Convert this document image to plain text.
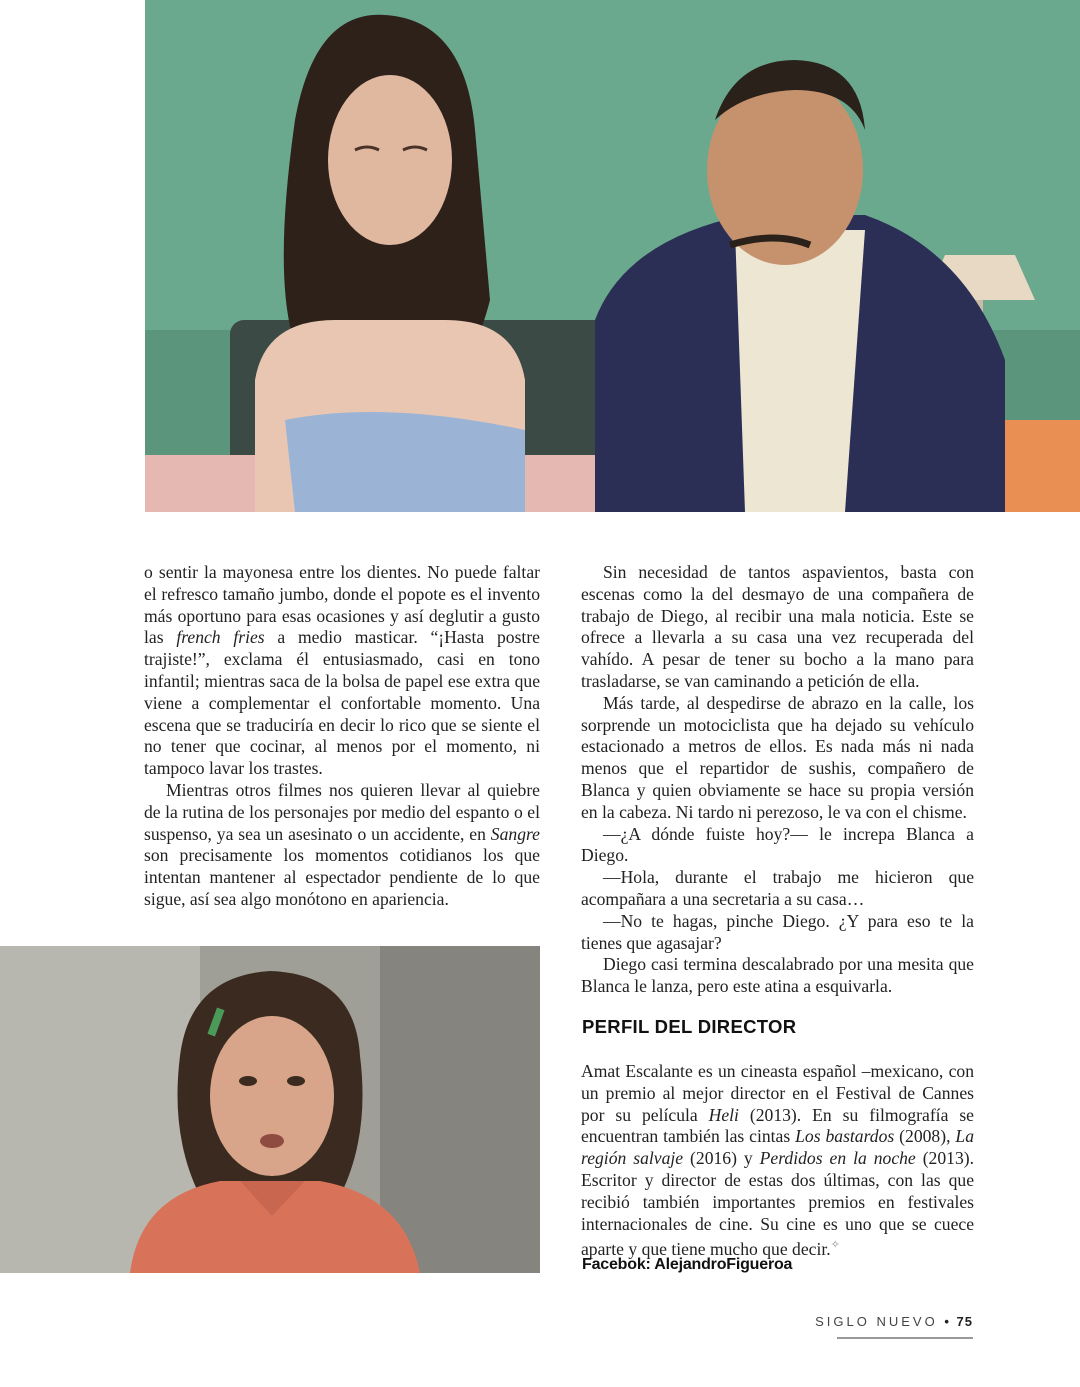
o sentir la mayonesa entre los dientes. No puede faltar el refresco tamaño jumbo, donde el popote es el invento más oportuno para esas ocasiones y así deglutir a gusto las french fries a medio masticar. “¡Hasta postre trajiste!”, exclama él entusiasmado, casi en tono infantil; mientras saca de la bolsa de papel ese extra que viene a complementar el confortable momento. Una escena que se traduciría en decir lo rico que se siente el no tener que cocinar, al menos por el momento, ni tampoco lavar los trastes.

Mientras otros filmes nos quieren llevar al quiebre de la rutina de los personajes por medio del espanto o el suspenso, ya sea un asesinato o un accidente, en Sangre son precisamente los momentos cotidianos los que intentan mantener al espectador pendiente de lo que sigue, así sea algo monótono en apariencia.

Sin necesidad de tantos aspavientos, basta con escenas como la del desmayo de una compañera de trabajo de Diego, al recibir una mala noticia. Este se ofrece a llevarla a su casa una vez recuperada del vahído. A pesar de tener su bocho a la mano para trasladarse, se van caminando a petición de ella.

Más tarde, al despedirse de abrazo en la calle, los sorprende un motociclista que ha dejado su vehículo estacionado a metros de ellos. Es nada más ni nada menos que el repartidor de sushis, compañero de Blanca y quien obviamente se hace su propia versión en la cabeza. Ni tardo ni perezoso, le va con el chisme.

—¿A dónde fuiste hoy?— le increpa Blanca a Diego.

—Hola, durante el trabajo me hicieron que acompañara a una secretaria a su casa…

—No te hagas, pinche Diego. ¿Y para eso te la tienes que agasajar?

Diego casi termina descalabrado por una mesita que Blanca le lanza, pero este atina a esquivarla.

PERFIL DEL DIRECTOR

Amat Escalante es un cineasta español –mexicano, con un premio al mejor director en el Festival de Cannes por su película Heli (2013). En su filmografía se encuentran también las cintas Los bastardos (2008), La región salvaje (2016) y Perdidos en la noche (2013). Escritor y director de estas dos últimas, con las que recibió también importantes premios en festivales internacionales de cine. Su cine es uno que se cuece aparte y que tiene mucho que decir.✧

Facebok: AlejandroFigueroa
SIGLO NUEVO • 75
